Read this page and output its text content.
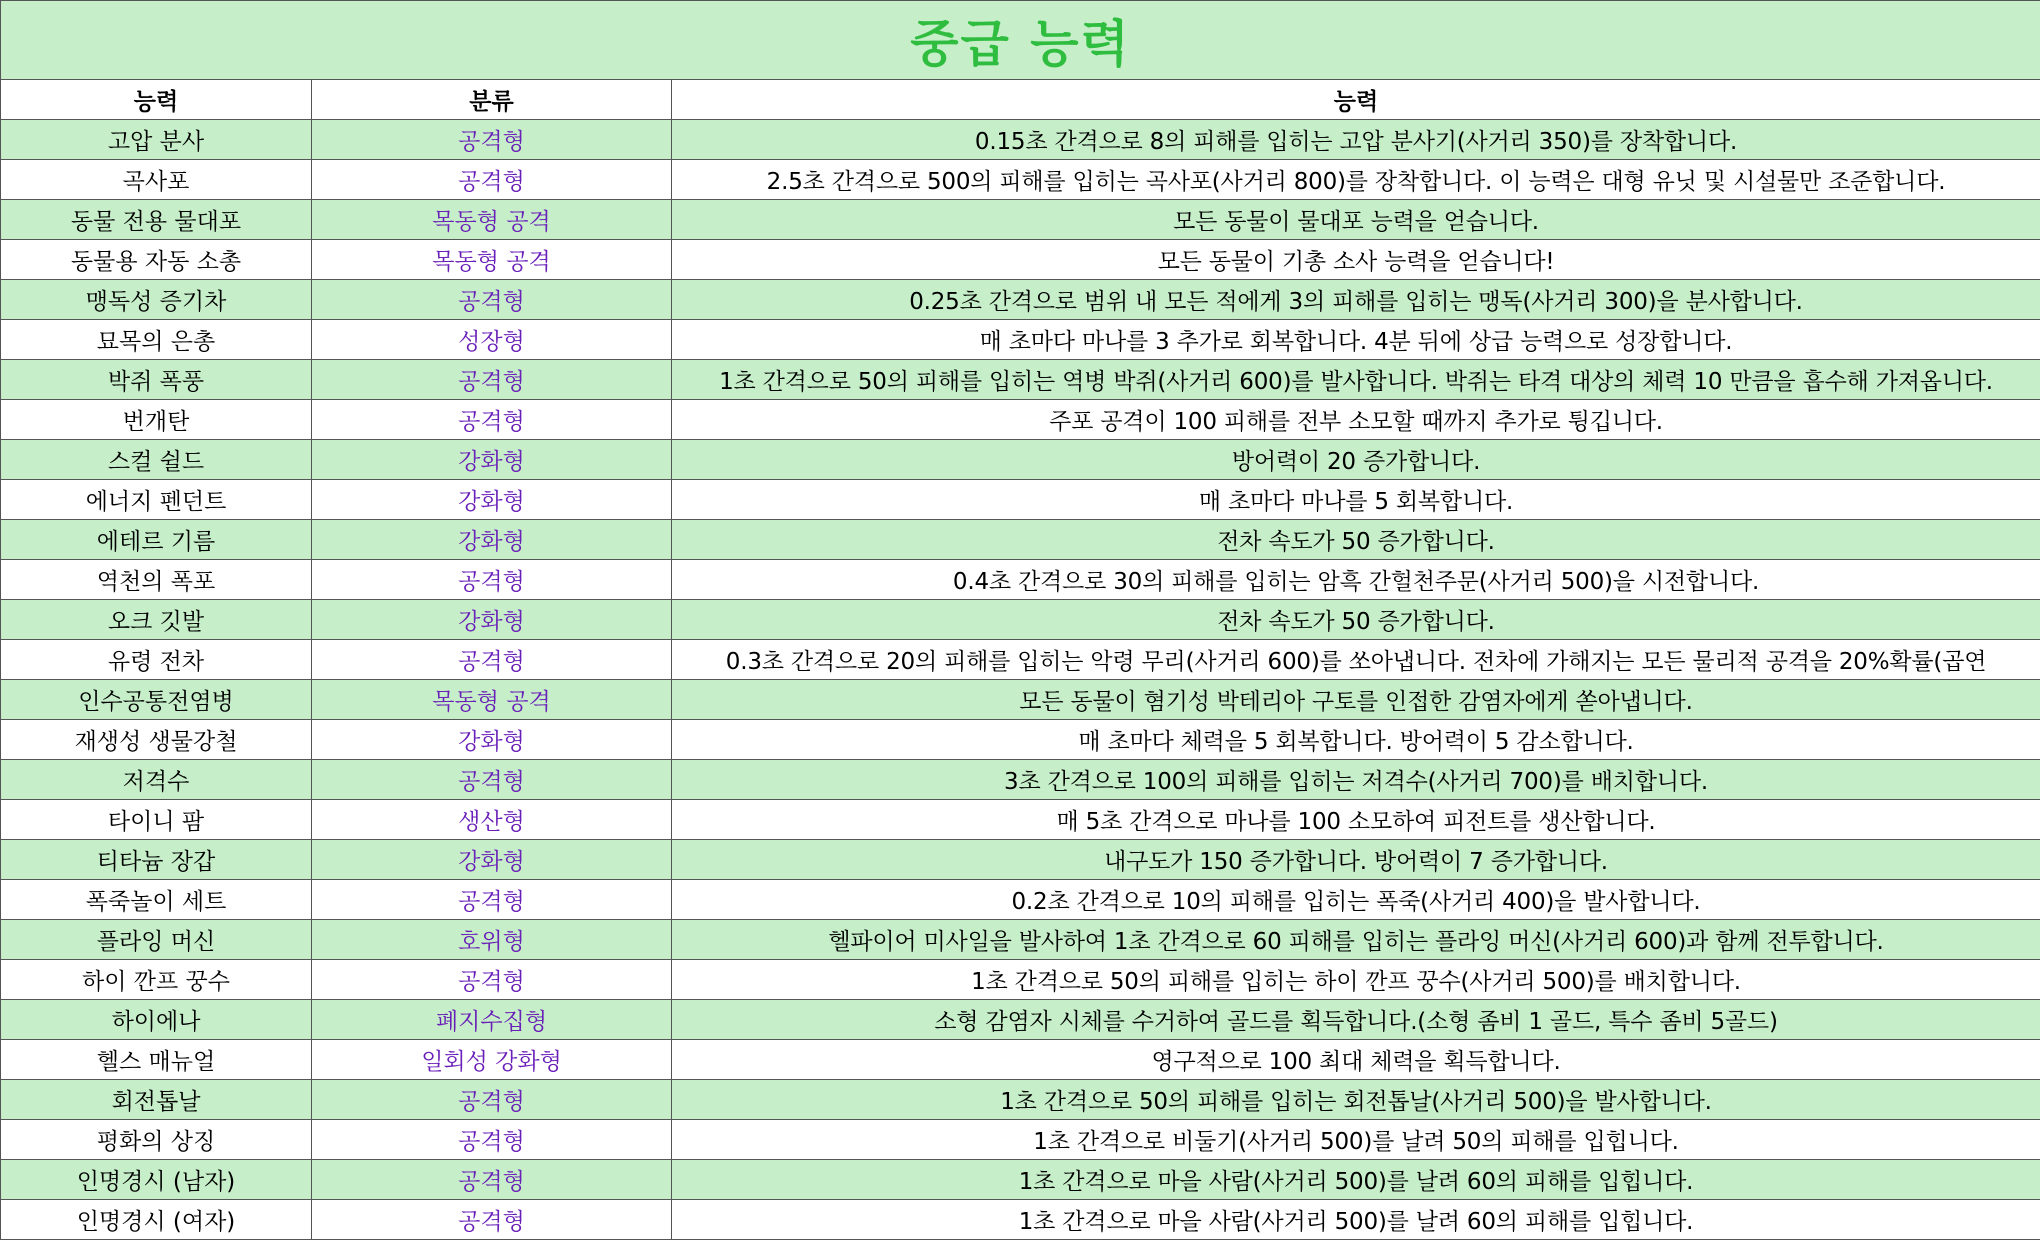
중급 능력		
능력	분류	능력
고압 분사	공격형	0.15초 간격으로 8의 피해를 입히는 고압 분사기(사거리 350)를 장착합니다.
곡사포	공격형	2.5초 간격으로 500의 피해를 입히는 곡사포(사거리 800)를 장착합니다. 이 능력은 대형 유닛 및 시설물만 조준합니다.
동물 전용 물대포	목동형 공격	모든 동물이 물대포 능력을 얻습니다.
동물용 자동 소총	목동형 공격	모든 동물이 기총 소사 능력을 얻습니다!
맹독성 증기차	공격형	0.25초 간격으로 범위 내 모든 적에게 3의 피해를 입히는 맹독(사거리 300)을 분사합니다.
묘목의 은총	성장형	매 초마다 마나를 3 추가로 회복합니다. 4분 뒤에 상급 능력으로 성장합니다.
박쥐 폭풍	공격형	1초 간격으로 50의 피해를 입히는 역병 박쥐(사거리 600)를 발사합니다. 박쥐는 타격 대상의 체력 10 만큼을 흡수해 가져옵니다.
번개탄	공격형	주포 공격이 100 피해를 전부 소모할 때까지 추가로 튕깁니다.
스컬 쉴드	강화형	방어력이 20 증가합니다.
에너지 펜던트	강화형	매 초마다 마나를 5 회복합니다.
에테르 기름	강화형	전차 속도가 50 증가합니다.
역천의 폭포	공격형	0.4초 간격으로 30의 피해를 입히는 암흑 간헐천주문(사거리 500)을 시전합니다.
오크 깃발	강화형	전차 속도가 50 증가합니다.
유령 전차	공격형	0.3초 간격으로 20의 피해를 입히는 악령 무리(사거리 600)를 쏘아냅니다. 전차에 가해지는 모든 물리적 공격을 20%확률(곱연
인수공통전염병	목동형 공격	모든 동물이 혐기성 박테리아 구토를 인접한 감염자에게 쏟아냅니다.
재생성 생물강철	강화형	매 초마다 체력을 5 회복합니다. 방어력이 5 감소합니다.
저격수	공격형	3초 간격으로 100의 피해를 입히는 저격수(사거리 700)를 배치합니다.
타이니 팜	생산형	매 5초 간격으로 마나를 100 소모하여 피전트를 생산합니다.
티타늄 장갑	강화형	내구도가 150 증가합니다. 방어력이 7 증가합니다.
폭죽놀이 세트	공격형	0.2초 간격으로 10의 피해를 입히는 폭죽(사거리 400)을 발사합니다.
플라잉 머신	호위형	헬파이어 미사일을 발사하여 1초 간격으로 60 피해를 입히는 플라잉 머신(사거리 600)과 함께 전투합니다.
하이 깐프 꿍수	공격형	1초 간격으로 50의 피해를 입히는 하이 깐프 꿍수(사거리 500)를 배치합니다.
하이에나	폐지수집형	소형 감염자 시체를 수거하여 골드를 획득합니다.(소형 좀비 1 골드, 특수 좀비 5골드)
헬스 매뉴얼	일회성 강화형	영구적으로 100 최대 체력을 획득합니다.
회전톱날	공격형	1초 간격으로 50의 피해를 입히는 회전톱날(사거리 500)을 발사합니다.
평화의 상징	공격형	1초 간격으로 비둘기(사거리 500)를 날려 50의 피해를 입힙니다.
인명경시 (남자)	공격형	1초 간격으로 마을 사람(사거리 500)를 날려 60의 피해를 입힙니다.
인명경시 (여자)	공격형	1초 간격으로 마을 사람(사거리 500)를 날려 60의 피해를 입힙니다.
